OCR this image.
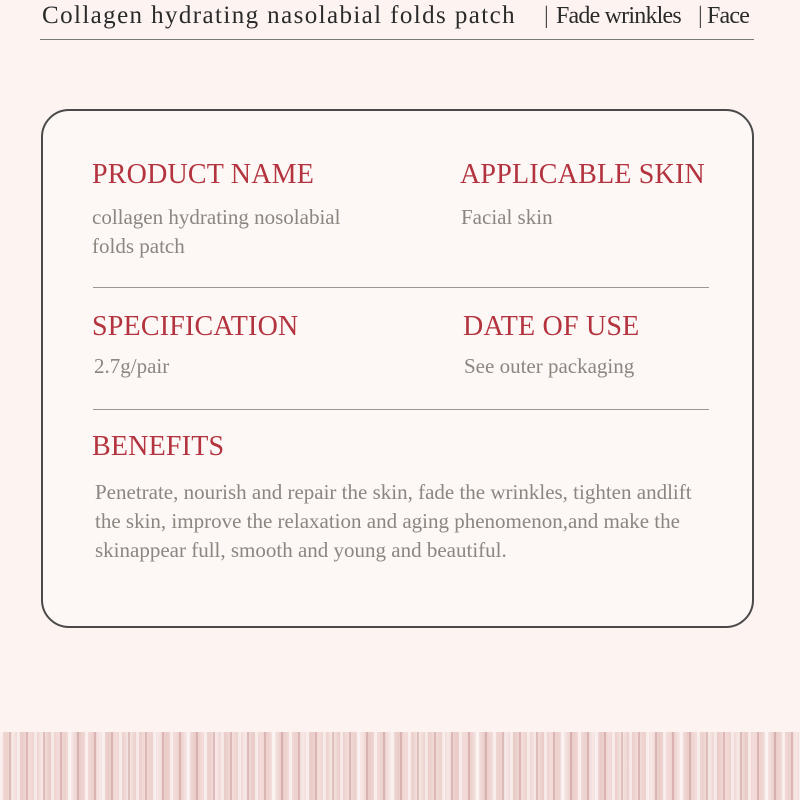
Collagen hydrating nasolabial folds patch | Fade wrinkles | Face
PRODUCT NAME
collagen hydrating nosolabial
folds patch
APPLICABLE SKIN
Facial skin
SPECIFICATION
2.7g/pair
DATE OF USE
See outer packaging
BENEFITS
Penetrate, nourish and repair the skin, fade the wrinkles, tighten andlift
the skin, improve the relaxation and aging phenomenon,and make the
skinappear full, smooth and young and beautiful.
